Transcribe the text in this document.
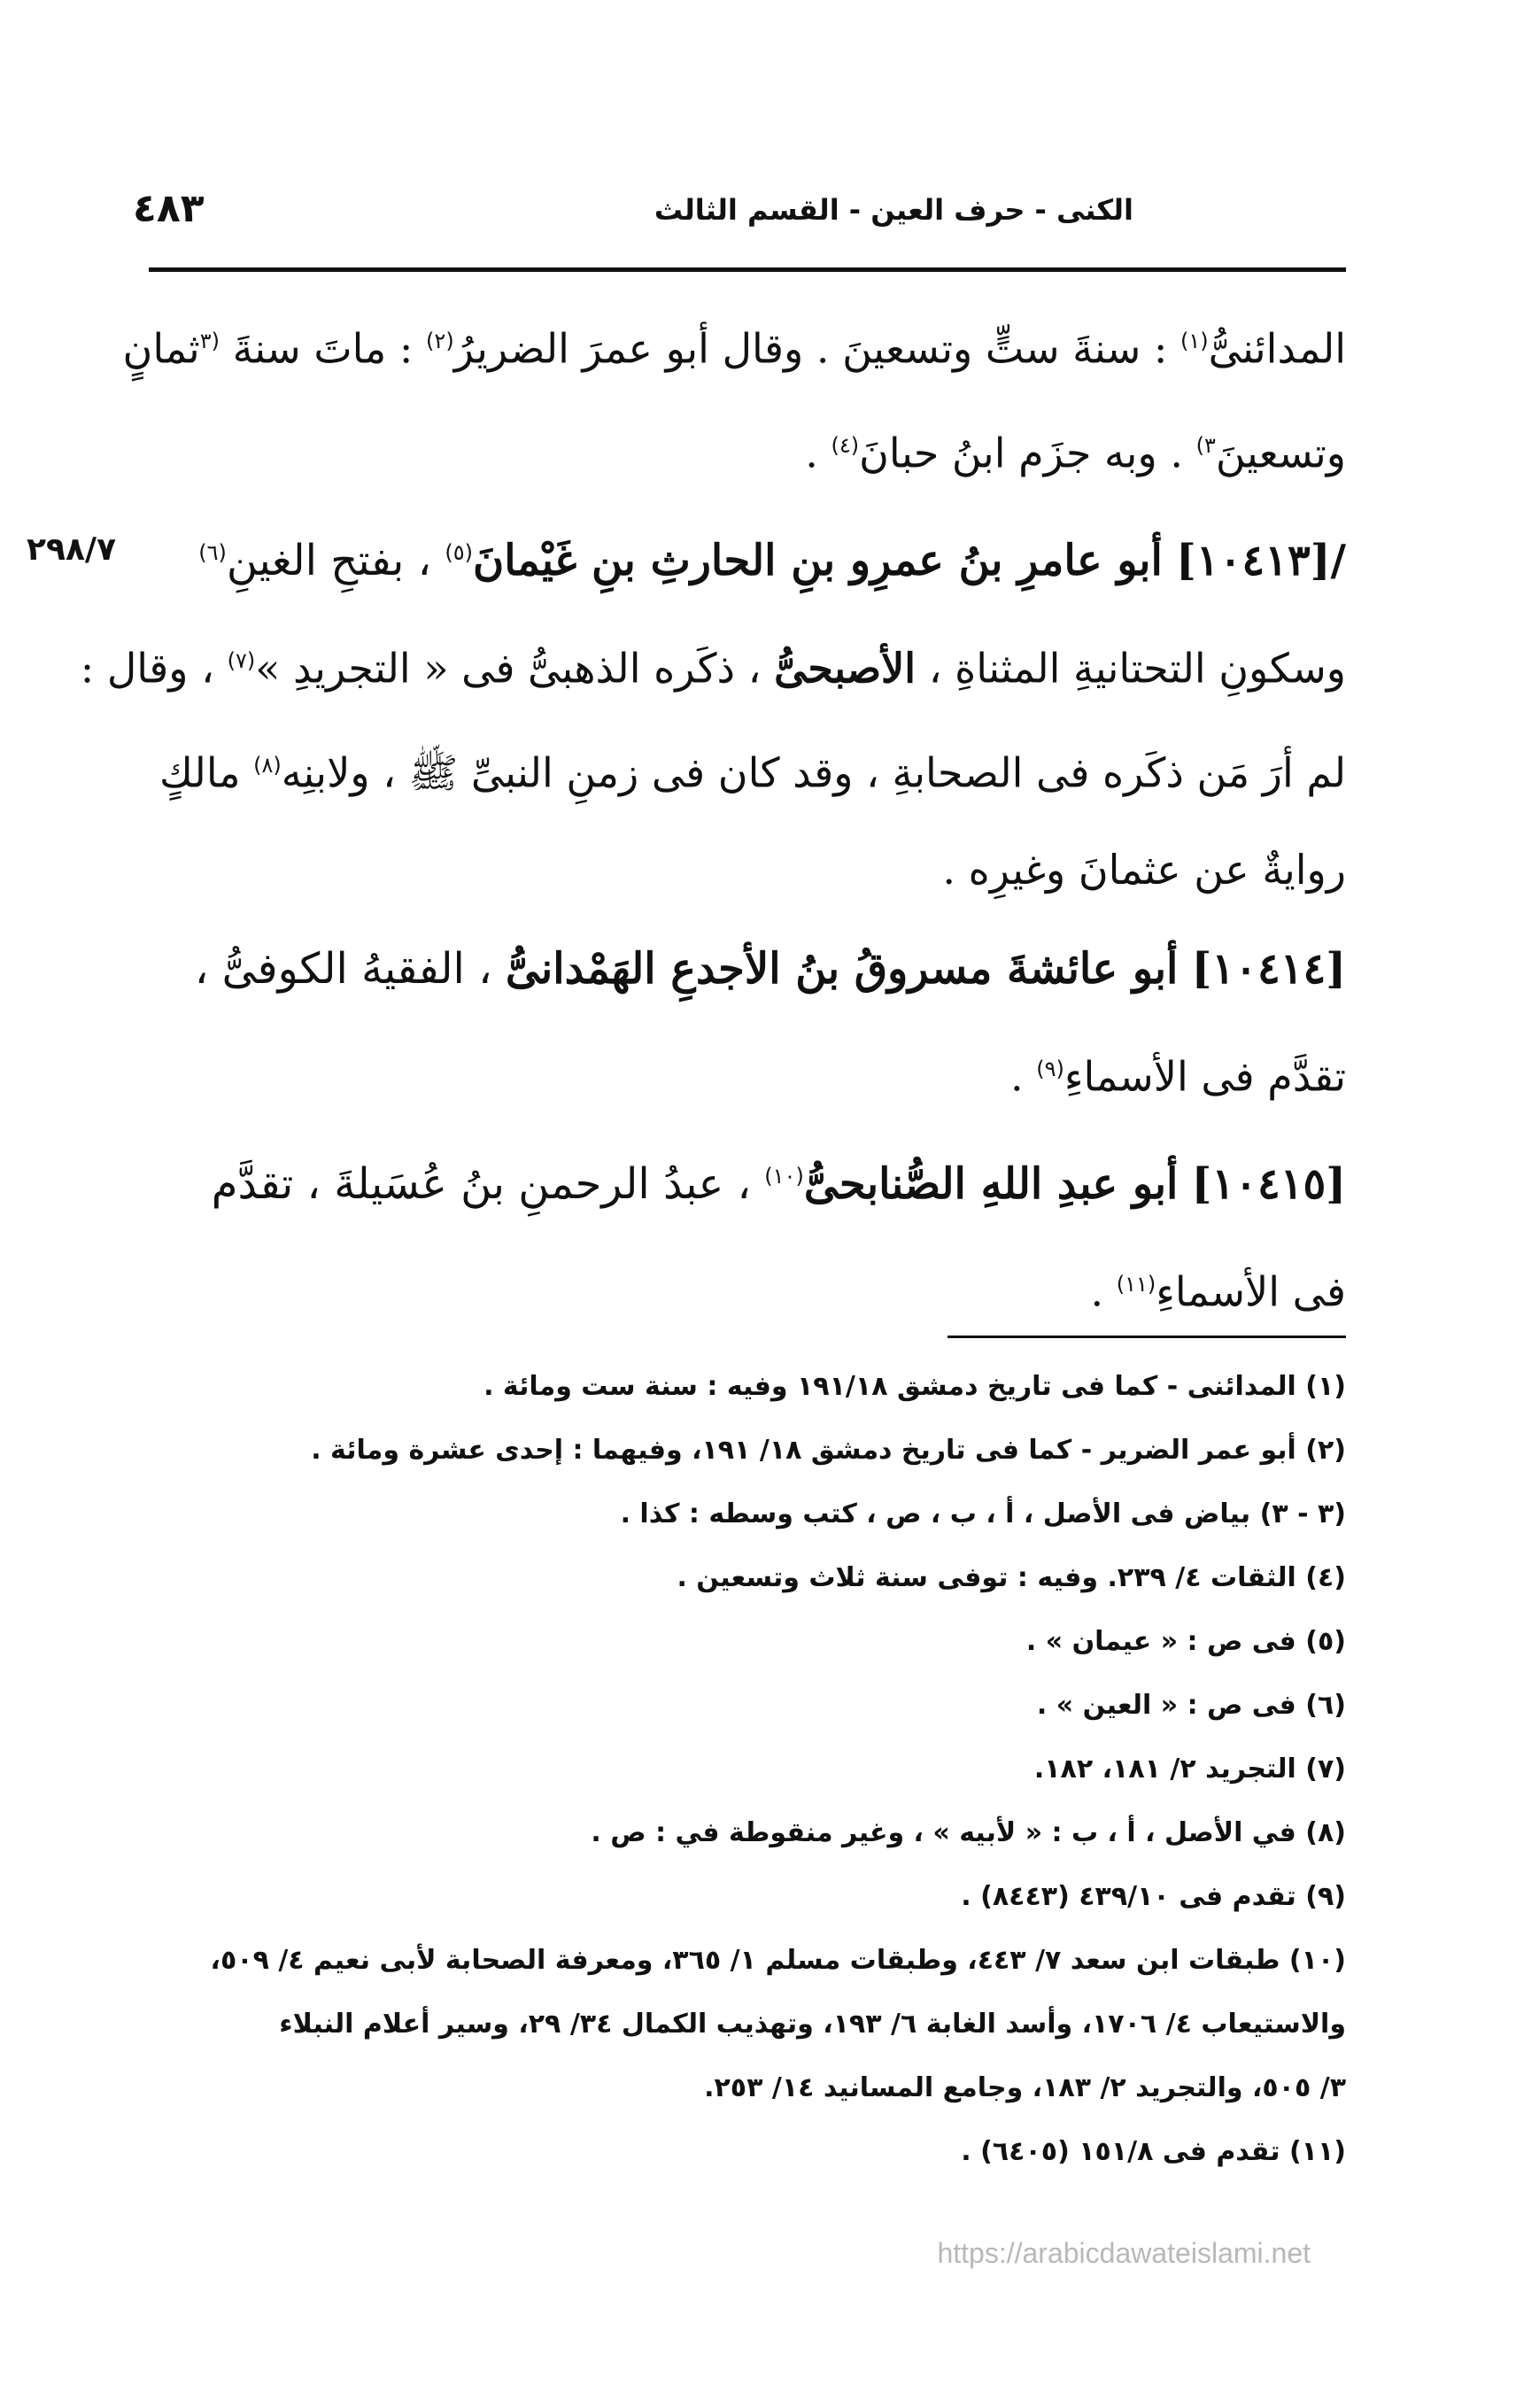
٤٨٣	الكنى - حرف العين - القسم الثالث
٢٩٨/٧
المدائنىُّ$^{(١)}$ : سنةَ ستٍّ وتسعينَ . وقال أبو عمرَ الضريرُ$^{(٢)}$ : ماتَ سنةَ $^{(٣}$ثمانٍ
وتسعينَ$^{٣)}$ . وبه جزَم ابنُ حبانَ$^{(٤)}$ .
/[١٠٤١٣] أبو عامرِ بنُ عمرِو بنِ الحارثِ بنِ غَيْمانَ$^{(٥)}$ ، بفتحِ الغينِ$^{(٦)}$
وسكونِ التحتانيةِ المثناةِ ، الأصبحىُّ ، ذكَره الذهبىُّ فى « التجريدِ »$^{(٧)}$ ، وقال :
لم أرَ مَن ذكَره فى الصحابةِ ، وقد كان فى زمنِ النبىِّ ﷺ ، ولابنِه$^{(٨)}$ مالكٍ
روايةٌ عن عثمانَ وغيرِه .
[١٠٤١٤] أبو عائشةَ مسروقُ بنُ الأجدعِ الهَمْدانىُّ ، الفقيهُ الكوفىُّ ،
تقدَّم فى الأسماءِ$^{(٩)}$ .
[١٠٤١٥] أبو عبدِ اللهِ الصُّنابحىُّ$^{(١٠)}$ ، عبدُ الرحمنِ بنُ عُسَيلةَ ، تقدَّم
فى الأسماءِ$^{(١١)}$ .
(١) المدائنى - كما فى تاريخ دمشق ١٩١/١٨ وفيه : سنة ست ومائة .
(٢) أبو عمر الضرير - كما فى تاريخ دمشق ١٨/ ١٩١، وفيهما : إحدى عشرة ومائة .
(٣ - ٣) بياض فى الأصل ، أ ، ب ، ص ، كتب وسطه : كذا .
(٤) الثقات ٤/ ٢٣٩. وفيه : توفى سنة ثلاث وتسعين .
(٥) فى ص : « عيمان » .
(٦) فى ص : « العين » .
(٧) التجريد ٢/ ١٨١، ١٨٢.
(٨) في الأصل ، أ ، ب : « لأبيه » ، وغير منقوطة في : ص .
(٩) تقدم فى ٤٣٩/١٠ (٨٤٤٣) .
(١٠) طبقات ابن سعد ٧/ ٤٤٣، وطبقات مسلم ١/ ٣٦٥، ومعرفة الصحابة لأبى نعيم ٤/ ٥٠٩،
والاستيعاب ٤/ ١٧٠٦، وأسد الغابة ٦/ ١٩٣، وتهذيب الكمال ٣٤/ ٢٩، وسير أعلام النبلاء
٣/ ٥٠٥، والتجريد ٢/ ١٨٣، وجامع المسانيد ١٤/ ٢٥٣.
(١١) تقدم فى ١٥١/٨ (٦٤٠٥) .
https://arabicdawateislami.net
